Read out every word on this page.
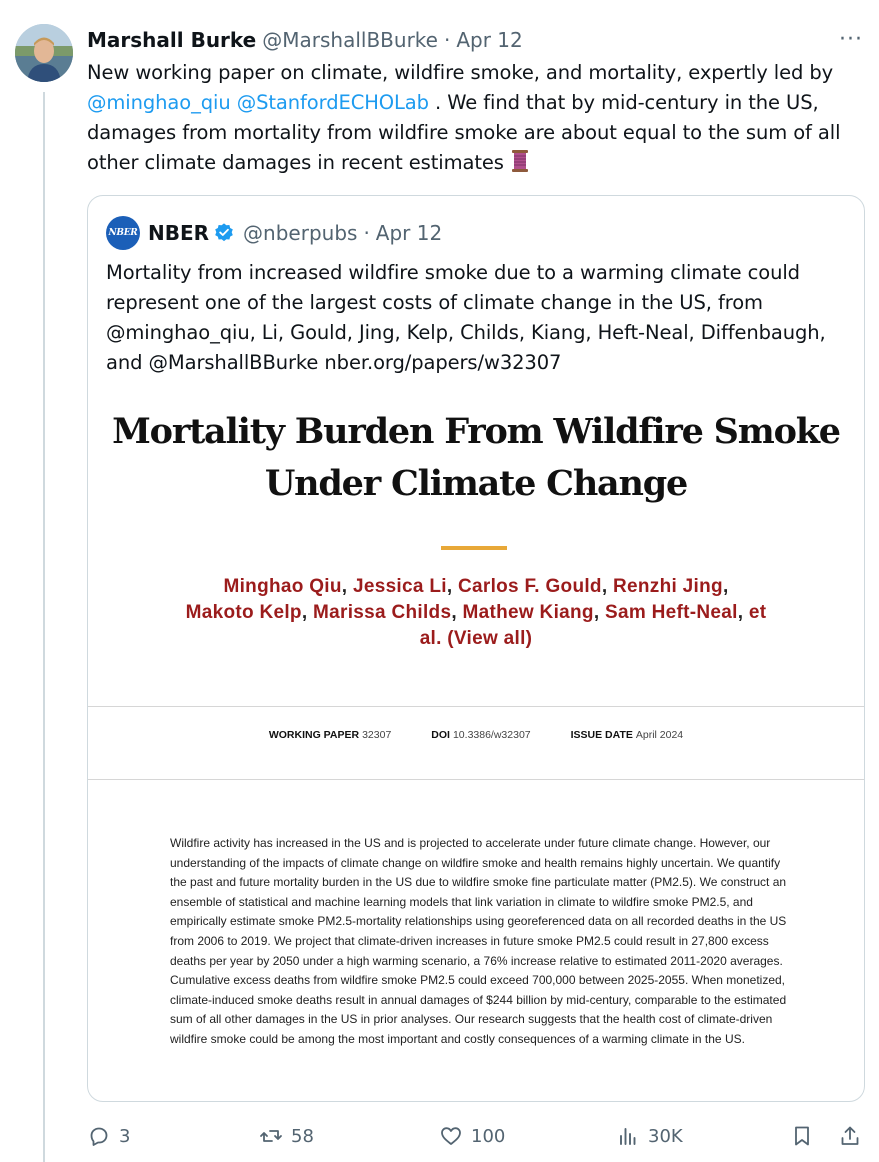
Marshall Burke @MarshallBBurke · Apr 12	···
New working paper on climate, wildfire smoke, and mortality, expertly led by @minghao_qiu @StanfordECHOLab . We find that by mid-century in the US, damages from mortality from wildfire smoke are about equal to the sum of all other climate damages in recent estimates
NBER NBER @nberpubs · Apr 12
Mortality from increased wildfire smoke due to a warming climate could represent one of the largest costs of climate change in the US, from @minghao_qiu, Li, Gould, Jing, Kelp, Childs, Kiang, Heft-Neal, Diffenbaugh, and @MarshallBBurke nber.org/papers/w32307
Mortality Burden From Wildfire Smoke
Under Climate Change
Minghao Qiu, Jessica Li, Carlos F. Gould, Renzhi Jing,
Makoto Kelp, Marissa Childs, Mathew Kiang, Sam Heft-Neal, et al. (View all)
WORKING PAPER 32307	DOI 10.3386/w32307	ISSUE DATE April 2024
Wildfire activity has increased in the US and is projected to accelerate under future climate change. However, our understanding of the impacts of climate change on wildfire smoke and health remains highly uncertain. We quantify the past and future mortality burden in the US due to wildfire smoke fine particulate matter (PM2.5). We construct an ensemble of statistical and machine learning models that link variation in climate to wildfire smoke PM2.5, and empirically estimate smoke PM2.5-mortality relationships using georeferenced data on all recorded deaths in the US from 2006 to 2019. We project that climate-driven increases in future smoke PM2.5 could result in 27,800 excess deaths per year by 2050 under a high warming scenario, a 76% increase relative to estimated 2011-2020 averages. Cumulative excess deaths from wildfire smoke PM2.5 could exceed 700,000 between 2025-2055. When monetized, climate-induced smoke deaths result in annual damages of $244 billion by mid-century, comparable to the estimated sum of all other damages in the US in prior analyses. Our research suggests that the health cost of climate-driven wildfire smoke could be among the most important and costly consequences of a warming climate in the US.
3	58	100	30K
